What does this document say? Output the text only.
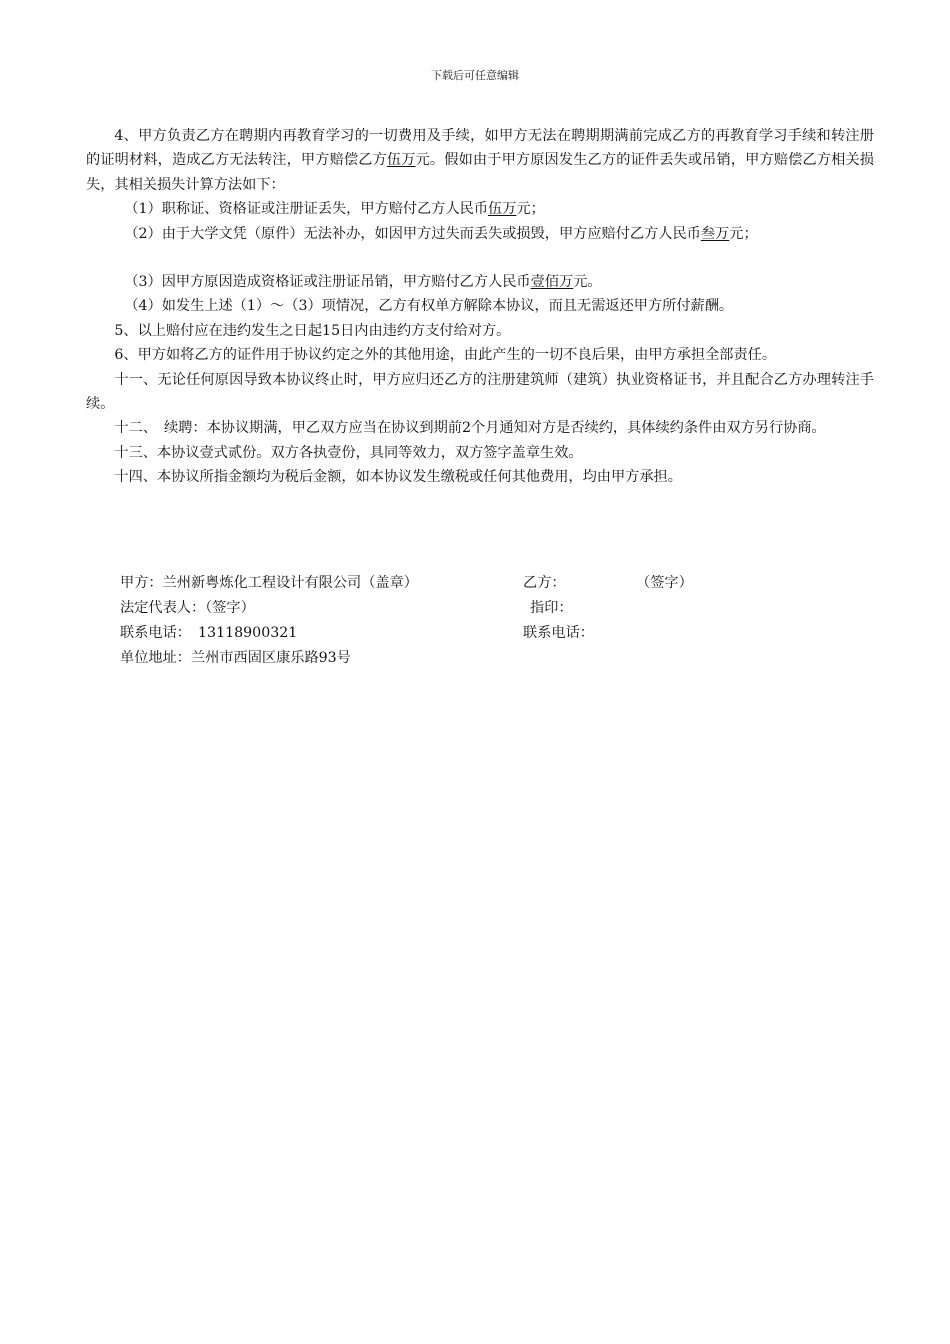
下载后可任意编辑

4、甲方负责乙方在聘期内再教育学习的一切费用及手续，如甲方无法在聘期期满前完成乙方的再教育学习手续和转注册的证明材料，造成乙方无法转注，甲方赔偿乙方伍万元。假如由于甲方原因发生乙方的证件丢失或吊销，甲方赔偿乙方相关损失，其相关损失计算方法如下：

（1）职称证、资格证或注册证丢失，甲方赔付乙方人民币伍万元；

（2）由于大学文凭（原件）无法补办，如因甲方过失而丢失或损毁，甲方应赔付乙方人民币叁万元；

（3）因甲方原因造成资格证或注册证吊销，甲方赔付乙方人民币壹佰万元。

（4）如发生上述（1）～（3）项情况，乙方有权单方解除本协议，而且无需返还甲方所付薪酬。

5、以上赔付应在违约发生之日起15日内由违约方支付给对方。

6、甲方如将乙方的证件用于协议约定之外的其他用途，由此产生的一切不良后果，由甲方承担全部责任。

十一、无论任何原因导致本协议终止时，甲方应归还乙方的注册建筑师（建筑）执业资格证书，并且配合乙方办理转注手续。

十二、　续聘：本协议期满，甲乙双方应当在协议到期前2个月通知对方是否续约，具体续约条件由双方另行协商。

十三、本协议壹式贰份。双方各执壹份，具同等效力，双方签字盖章生效。

十四、本协议所指金额均为税后金额，如本协议发生缴税或任何其他费用，均由甲方承担。

甲方：兰州新粤炼化工程设计有限公司（盖章）	乙方：	（签字）
法定代表人：（签字）	指印：
联系电话：　13118900321	联系电话：
单位地址：兰州市西固区康乐路93号
